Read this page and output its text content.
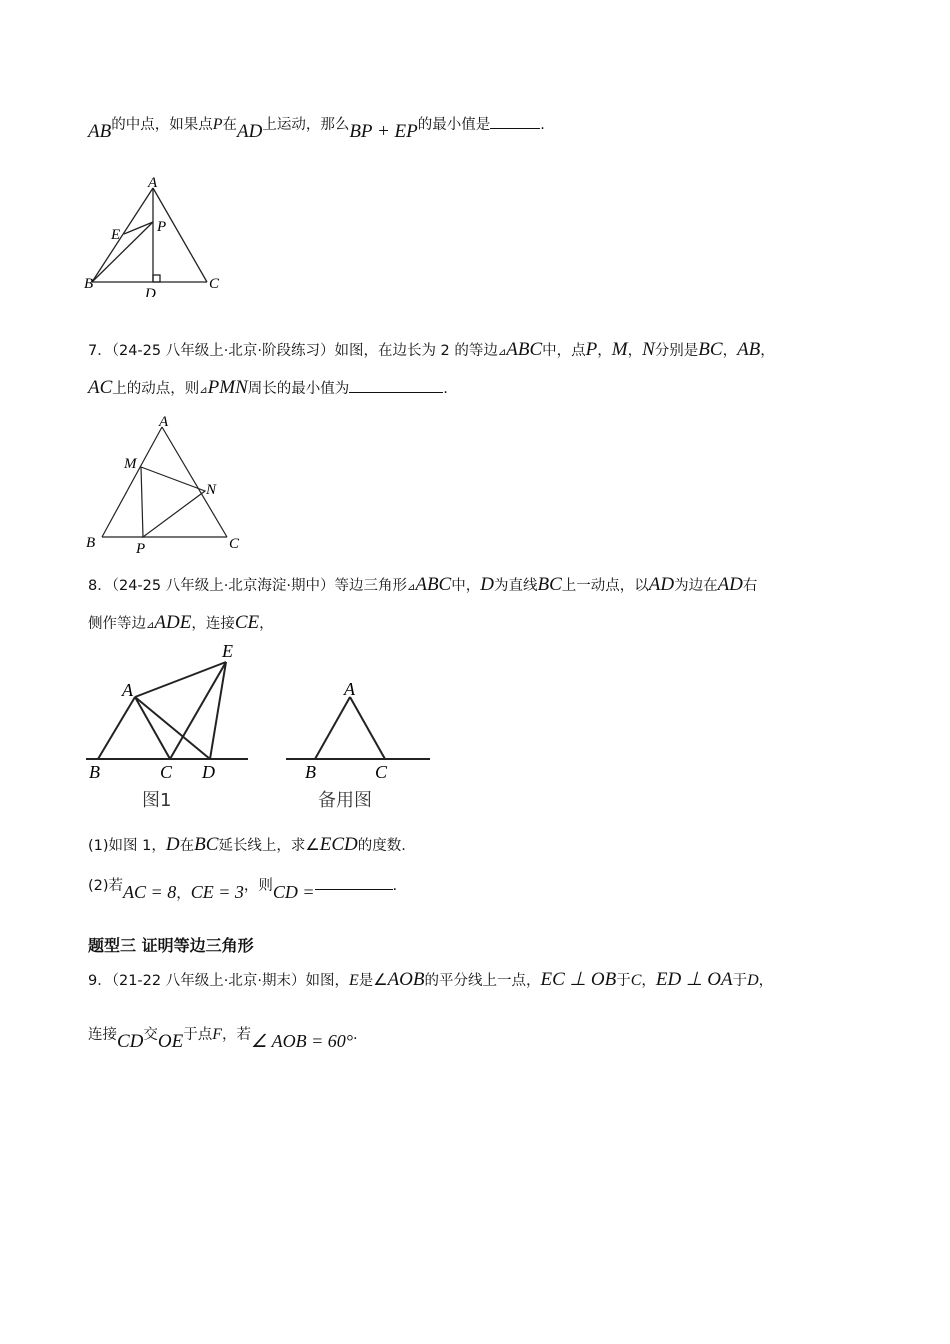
AB的中点，如果点P在AD上运动，那么BP + EP的最小值是	.
A
E P
B
D
C
7．（24-25 八年级上·北京·阶段练习）如图，在边长为 2 的等边⊿ABC中，点P，M，N分别是BC，AB，
AC上的动点，则⊿PMN周长的最小值为	.
A
M
N
B	P	C
8．（24-25 八年级上·北京海淀·期中）等边三角形⊿ABC中，D为直线BC上一动点，以AD为边在AD右
侧作等边⊿ADE，连接CE，
E
A
B	C D
图1
A
B	C
备用图
(1)如图 1，D在BC延长线上，求∠ECD的度数.
(2)若AC = 8，CE = 3，则CD =	.
题型三 证明等边三角形
9．（21-22 八年级上·北京·期末）如图，E是∠AOB的平分线上一点，EC ⊥ OB于C，ED ⊥ OA于D，
连接CD交OE于点F，若∠ AOB = 60°.
